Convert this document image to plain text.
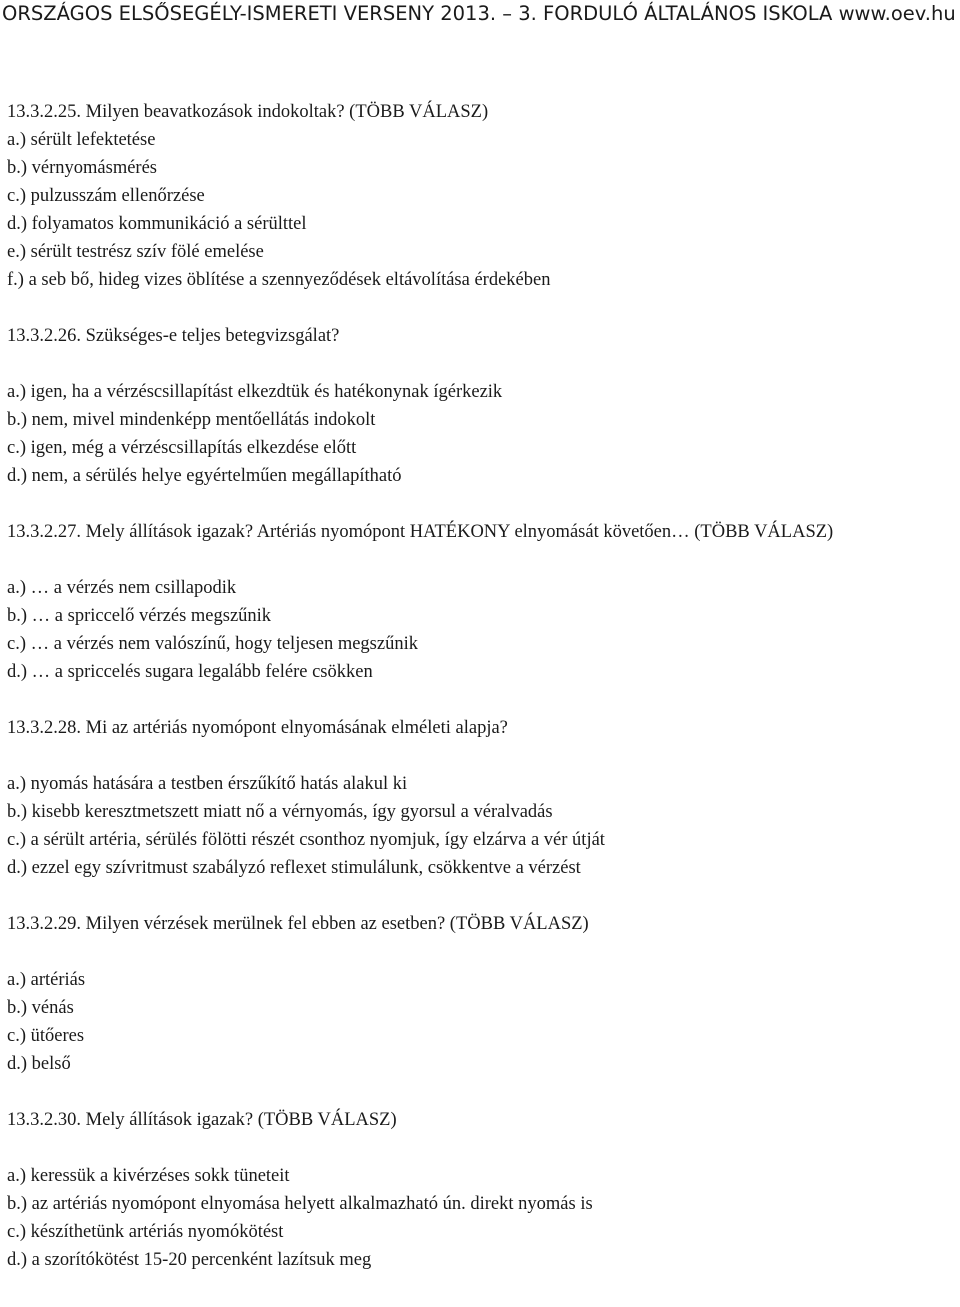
ORSZÁGOS ELSŐSEGÉLY-ISMERETI VERSENY 2013. – 3. FORDULÓ ÁLTALÁNOS ISKOLA www.oev.hu
13.3.2.25. Milyen beavatkozások indokoltak? (TÖBB VÁLASZ)
a.) sérült lefektetése
b.) vérnyomásmérés
c.) pulzusszám ellenőrzése
d.) folyamatos kommunikáció a sérülttel
e.) sérült testrész szív fölé emelése
f.) a seb bő, hideg vizes öblítése a szennyeződések eltávolítása érdekében
13.3.2.26. Szükséges-e teljes betegvizsgálat?
a.) igen, ha a vérzéscsillapítást elkezdtük és hatékonynak ígérkezik
b.) nem, mivel mindenképp mentőellátás indokolt
c.) igen, még a vérzéscsillapítás elkezdése előtt
d.) nem, a sérülés helye egyértelműen megállapítható
13.3.2.27. Mely állítások igazak? Artériás nyomópont HATÉKONY elnyomását követően… (TÖBB VÁLASZ)
a.) … a vérzés nem csillapodik
b.) … a spriccelő vérzés megszűnik
c.) … a vérzés nem valószínű, hogy teljesen megszűnik
d.) … a spriccelés sugara legalább felére csökken
13.3.2.28. Mi az artériás nyomópont elnyomásának elméleti alapja?
a.) nyomás hatására a testben érszűkítő hatás alakul ki
b.) kisebb keresztmetszett miatt nő a vérnyomás, így gyorsul a véralvadás
c.) a sérült artéria, sérülés fölötti részét csonthoz nyomjuk, így elzárva a vér útját
d.) ezzel egy szívritmust szabályzó reflexet stimulálunk, csökkentve a vérzést
13.3.2.29. Milyen vérzések merülnek fel ebben az esetben? (TÖBB VÁLASZ)
a.) artériás
b.) vénás
c.) ütőeres
d.) belső
13.3.2.30. Mely állítások igazak? (TÖBB VÁLASZ)
a.) keressük a kivérzéses sokk tüneteit
b.) az artériás nyomópont elnyomása helyett alkalmazható ún. direkt nyomás is
c.) készíthetünk artériás nyomókötést
d.) a szorítókötést 15-20 percenként lazítsuk meg
